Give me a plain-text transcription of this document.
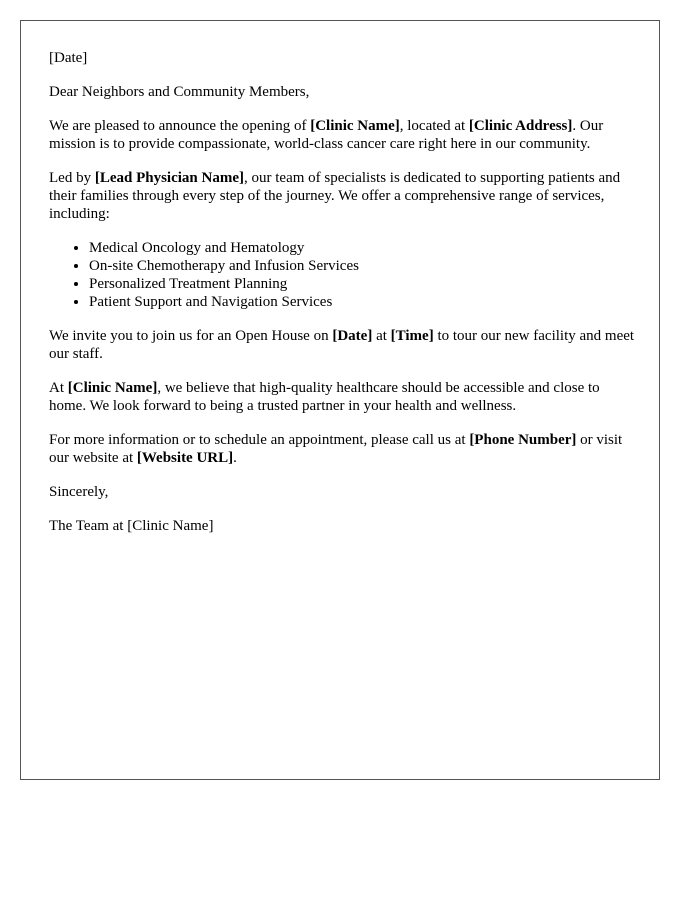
[Date]

Dear Neighbors and Community Members,

We are pleased to announce the opening of [Clinic Name], located at [Clinic Address]. Our mission is to provide compassionate, world-class cancer care right here in our community.

Led by [Lead Physician Name], our team of specialists is dedicated to supporting patients and their families through every step of the journey. We offer a comprehensive range of services, including:

• Medical Oncology and Hematology
• On-site Chemotherapy and Infusion Services
• Personalized Treatment Planning
• Patient Support and Navigation Services

We invite you to join us for an Open House on [Date] at [Time] to tour our new facility and meet our staff.

At [Clinic Name], we believe that high-quality healthcare should be accessible and close to home. We look forward to being a trusted partner in your health and wellness.

For more information or to schedule an appointment, please call us at [Phone Number] or visit our website at [Website URL].

Sincerely,

The Team at [Clinic Name]
